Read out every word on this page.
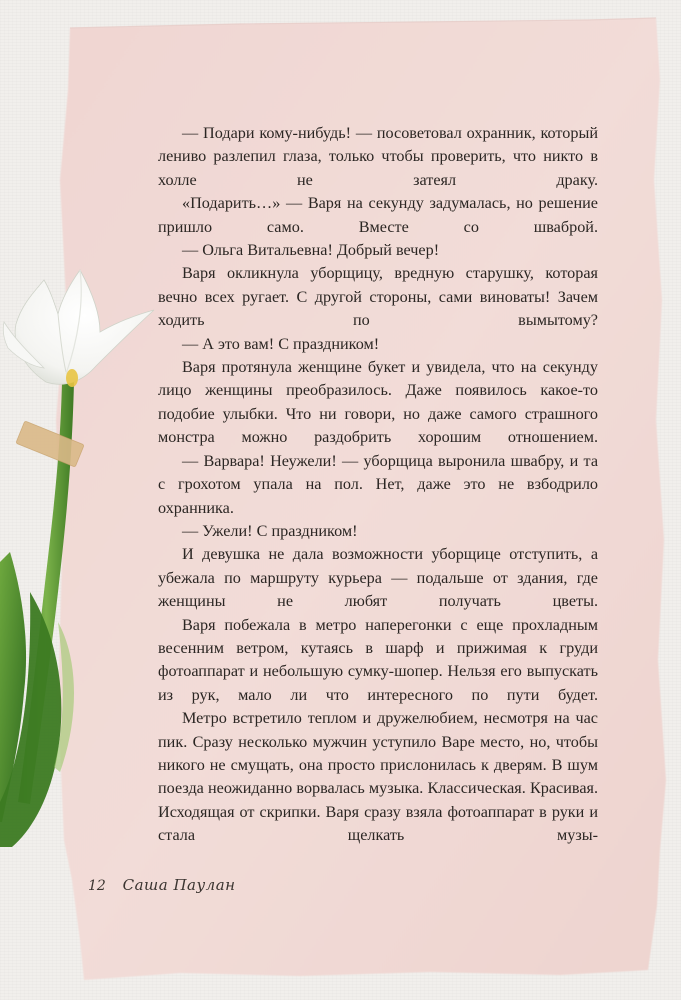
— Подари кому-нибудь! — посоветовал охранник, который лениво разлепил глаза, только чтобы проверить, что никто в холле не затеял драку.

«Подарить…» — Варя на секунду задумалась, но решение пришло само. Вместе со шваброй.

— Ольга Витальевна! Добрый вечер!

Варя окликнула уборщицу, вредную старушку, которая вечно всех ругает. С другой стороны, сами виноваты! Зачем ходить по вымытому?

— А это вам! С праздником!

Варя протянула женщине букет и увидела, что на секунду лицо женщины преобразилось. Даже появилось какое-то подобие улыбки. Что ни говори, но даже самого страшного монстра можно раздобрить хорошим отношением.

— Варвара! Неужели! — уборщица выронила швабру, и та с грохотом упала на пол. Нет, даже это не взбодрило охранника.

— Ужели! С праздником!

И девушка не дала возможности уборщице отступить, а убежала по маршруту курьера — подальше от здания, где женщины не любят получать цветы.

Варя побежала в метро наперегонки с еще прохладным весенним ветром, кутаясь в шарф и прижимая к груди фотоаппарат и небольшую сумку-шопер. Нельзя его выпускать из рук, мало ли что интересного по пути будет.

Метро встретило теплом и дружелюбием, несмотря на час пик. Сразу несколько мужчин уступило Варе место, но, чтобы никого не смущать, она просто прислонилась к дверям. В шум поезда неожиданно ворвалась музыка. Классическая. Красивая. Исходящая от скрипки. Варя сразу взяла фотоаппарат в руки и стала щелкать музы-

12 Саша Паулан
